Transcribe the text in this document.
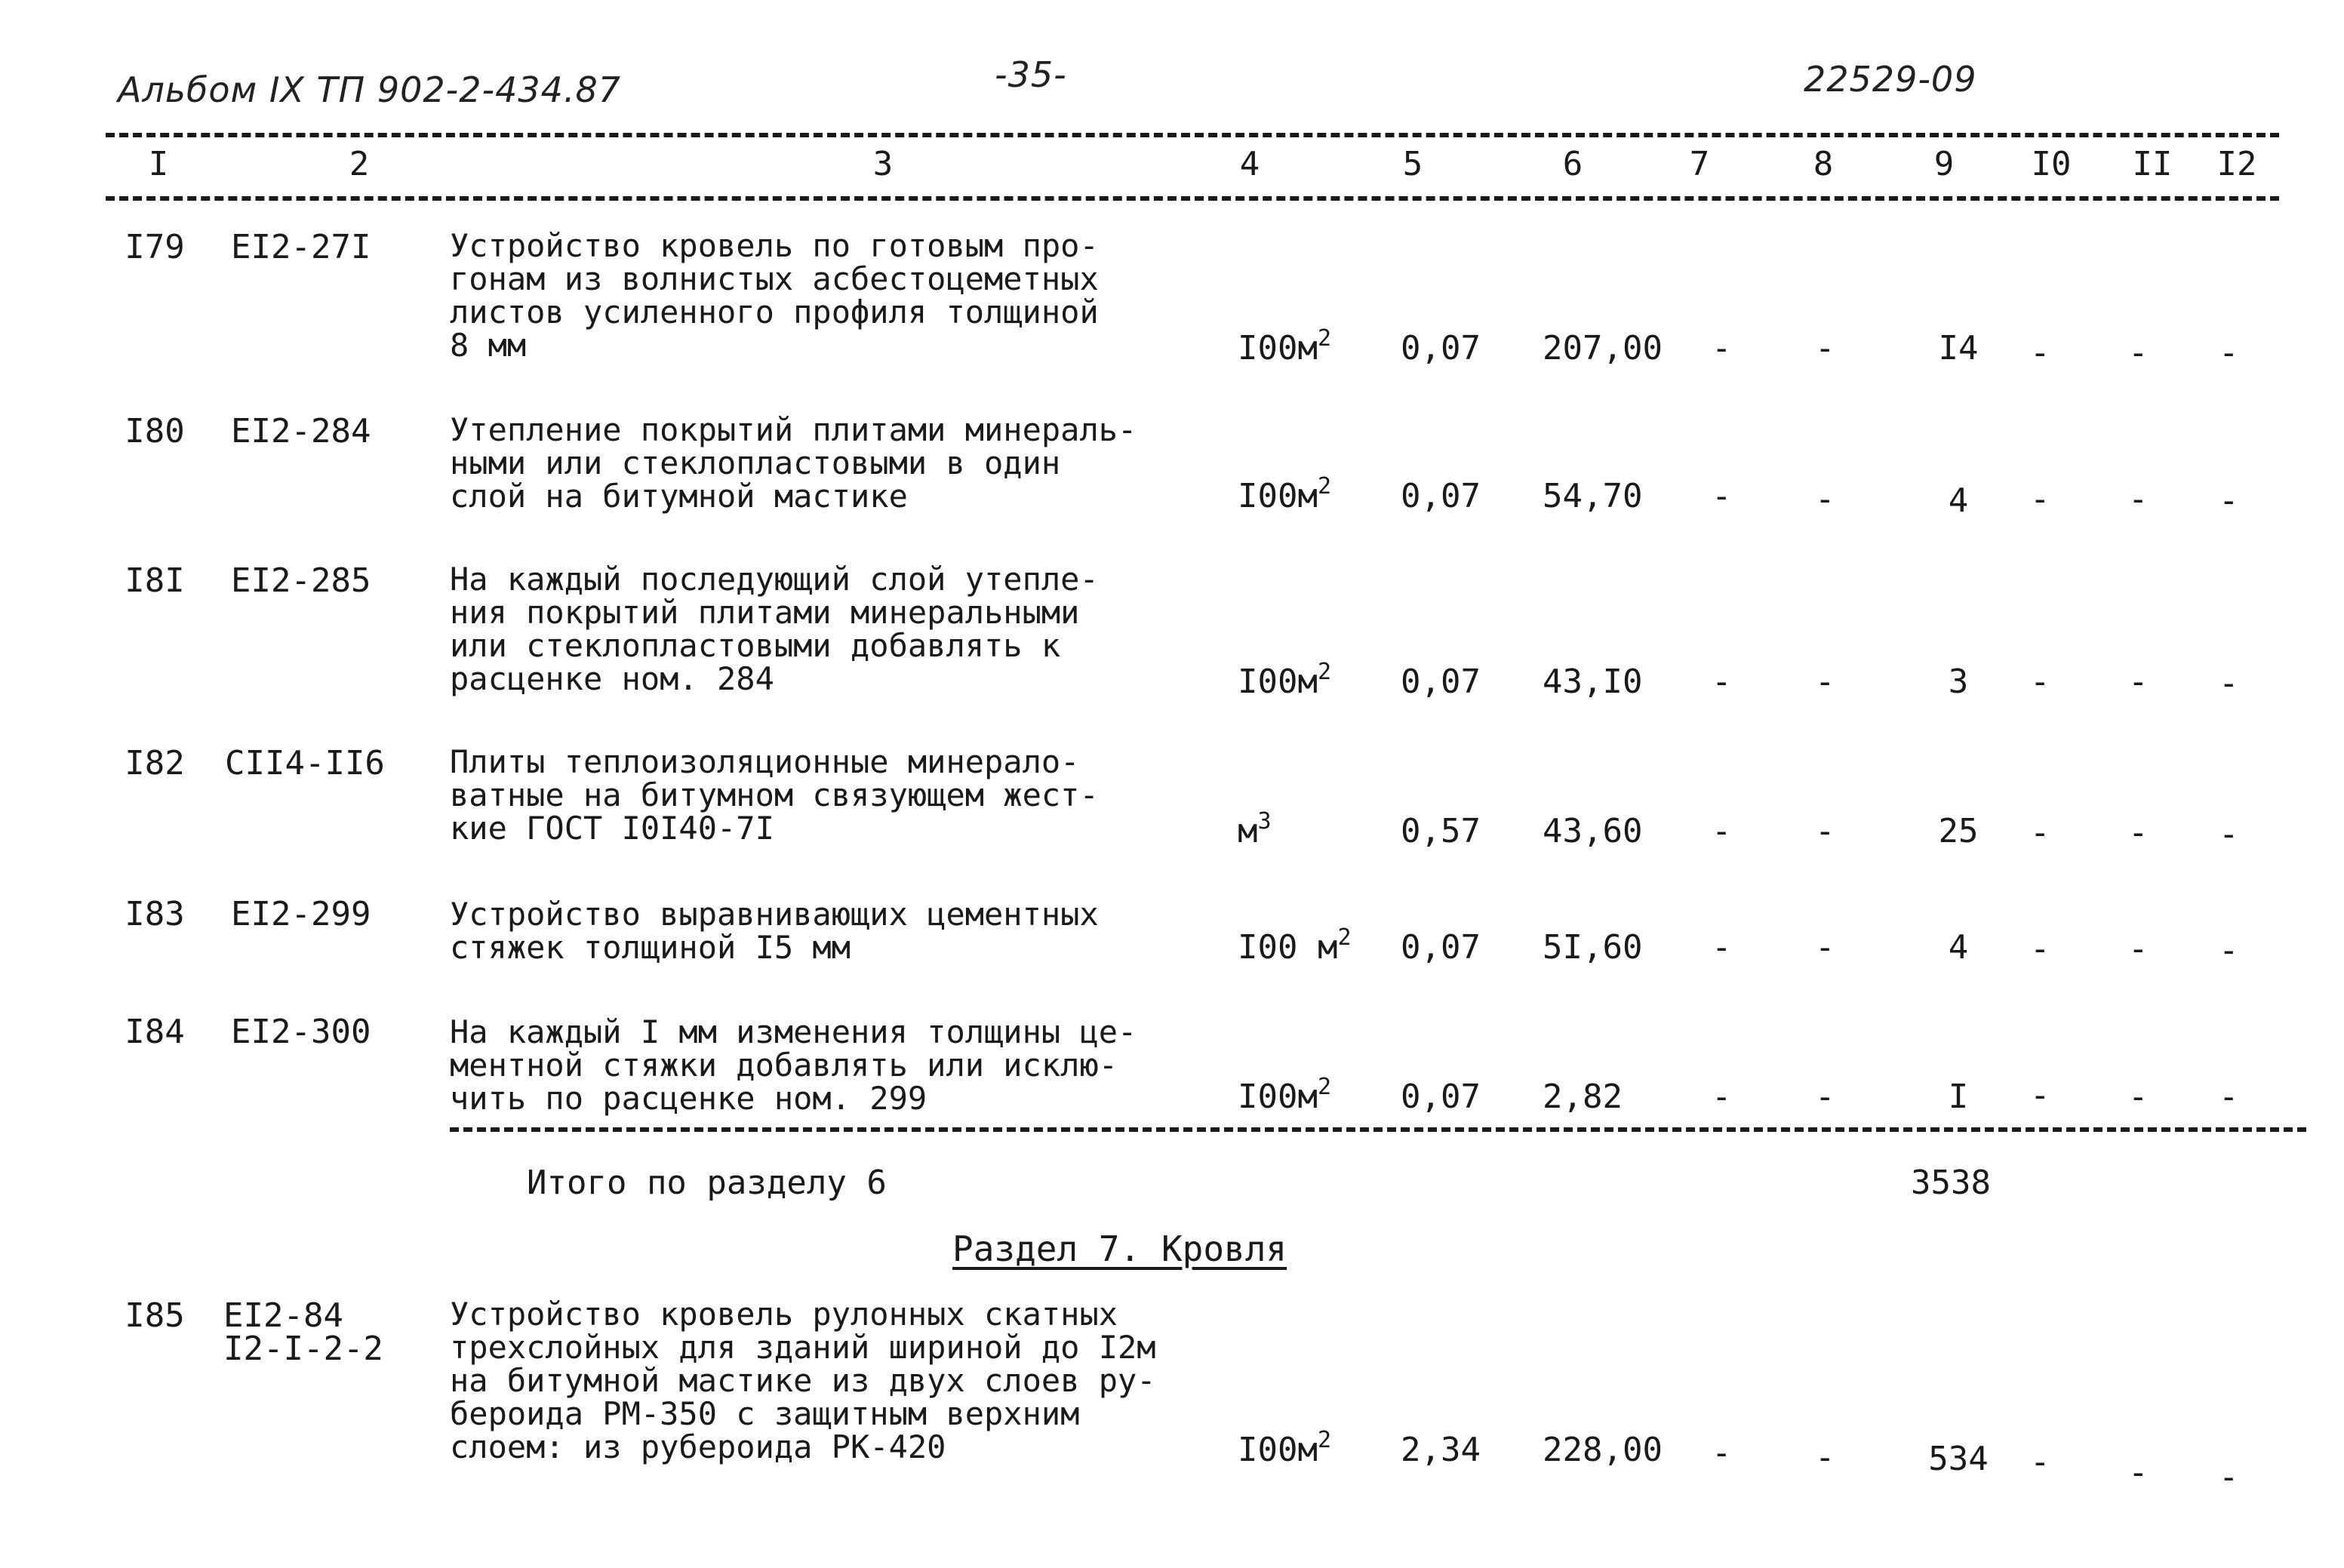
Альбом IX ТП 902-2-434.87	-35-	22529-09
I	2	3	4	5	6	7	8	9 I0 II I2
I79 EI2-27I Устройство кровель по готовым про-
гонам из волнистых асбестоцеметных
листов усиленного профиля толщиной
8 мм	$I00м^2$ 0,07 207,00 -	-	I4	- - -
I80 EI2-284 Утепление покрытий плитами минераль-
ными или стеклопластовыми в один
слой на битумной мастике	$I00м^2$ 0,07 54,70 -	-	4	- - -
I8I EI2-285 На каждый последующий слой утепле-
ния покрытий плитами минеральными
или стеклопластовыми добавлять к
расценке ном. 284	$I00м^2$ 0,07 43,I0 -	-	3	- - -
I82 CII4-II6 Плиты теплоизоляционные минерало-
ватные на битумном связующем жест-
кие ГОСТ I0I40-7I	$м^3$	0,57 43,60 -	-	25	- - -
I83 EI2-299 Устройство выравнивающих цементных
стяжек толщиной I5 мм	I00 $м^2$ 0,07 5I,60 -	-	4	- - -
I84 EI2-300 На каждый I мм изменения толщины це-
ментной стяжки добавлять или исклю-
чить по расценке ном. 299	$I00м^2$ 0,07 2,82	-	-	I	- - -
Итого по разделу 6	3538
Раздел 7. Кровля
I85 EI2-84
I2-I-2-2
Устройство кровель рулонных скатных
трехслойных для зданий шириной до I2м
на битумной мастике из двух слоев ру-
бероида РМ-350 с защитным верхним
слоем: из рубероида РК-420	$I00м^2$ 2,34 228,00 -	-	534	- - -
